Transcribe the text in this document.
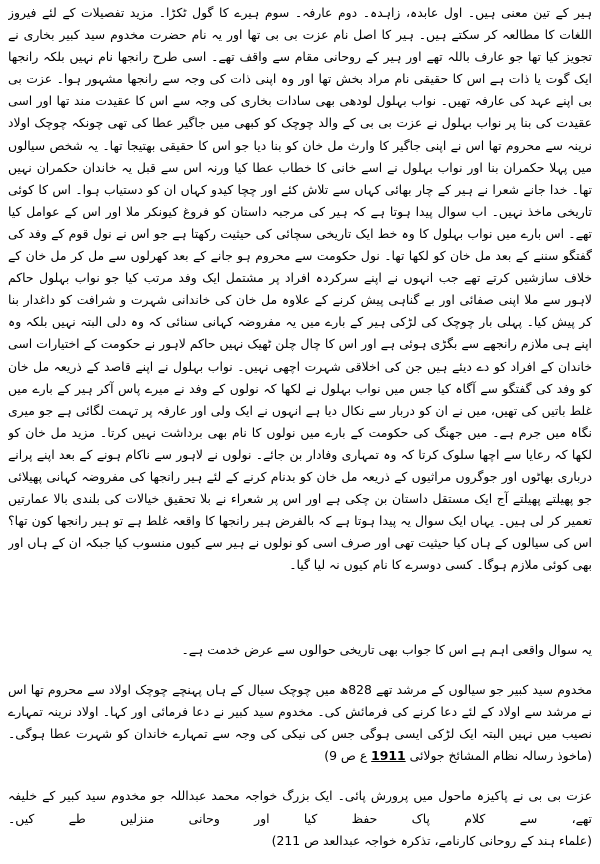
ہیر کے تین معنی ہیں۔ اول عابدہ، زاہدہ۔ دوم عارفہ۔ سوم ہیرے کا گول ٹکڑا۔ مزید تفصیلات کے لئے فیروز اللغات کا مطالعہ کر سکتے ہیں۔ ہیر کا اصل نام عزت بی بی تھا اور یہ نام حضرت مخدوم سید کبیر بخاری نے تجویز کیا تھا جو عارف باللہ تھے اور ہیر کے روحانی مقام سے واقف تھے۔ اسی طرح رانجھا نام نہیں بلکہ رانجھا ایک گوت یا ذات ہے اس کا حقیقی نام مراد بخش تھا اور وہ اپنی ذات کی وجہ سے رانجھا مشہور ہوا۔ عزت بی بی اپنے عہد کی عارفہ تھیں۔ نواب بہلول لودھی بھی سادات بخاری کی وجہ سے اس کا عقیدت مند تھا اور اسی عقیدت کی بنا پر نواب بہلول نے عزت بی بی کے والد چوچک کو کبھی میں جاگیر عطا کی تھی چونکہ چوچک اولاد نرینہ سے محروم تھا اس نے اپنی جاگیر کا وارث مل خان کو بنا دیا جو اس کا حقیقی بھتیجا تھا۔ یہ شخص سیالوں میں پہلا حکمران بنا اور نواب بہلول نے اسے خانی کا خطاب عطا کیا ورنہ اس سے قبل یہ خاندان حکمران نہیں تھا۔ خدا جانے شعرا نے ہیر کے چار بھائی کہاں سے تلاش کئے اور چچا کیدو کہاں ان کو دستیاب ہوا۔ اس کا کوئی تاریخی ماخذ نہیں۔ اب سوال پیدا ہوتا ہے کہ ہیر کی مرجبہ داستان کو فروغ کیونکر ملا اور اس کے عوامل کیا تھے۔ اس بارے میں نواب بہلول کا وہ خط ایک تاریخی سچائی کی حیثیت رکھتا ہے جو اس نے نول قوم کے وفد کی گفتگو سننے کے بعد مل خان کو لکھا تھا۔ نول حکومت سے محروم ہو جانے کے بعد کھرلوں سے مل کر مل خان کے خلاف سازشیں کرتے تھے جب انہوں نے اپنے سرکردہ افراد پر مشتمل ایک وفد مرتب کیا جو نواب بہلول حاکم لاہور سے ملا اپنی صفائی اور بے گناہی پیش کرنے کے علاوہ مل خان کی خاندانی شہرت و شرافت کو داغدار بنا کر پیش کیا۔ پہلی بار چوچک کی لڑکی ہیر کے بارے میں یہ مفروضہ کہانی سنائی کہ وہ دلی البتہ نہیں بلکہ وہ اپنے ہی ملازم رانجھے سے بگڑی ہوئی ہے اور اس کا چال چلن ٹھیک نہیں حاکم لاہور نے حکومت کے اختیارات اسی خاندان کے افراد کو دے دیئے ہیں جن کی اخلاقی شہرت اچھی نہیں۔ نواب بہلول نے اپنے قاصد کے ذریعہ مل خان کو وفد کی گفتگو سے آگاہ کیا جس میں نواب بہلول نے لکھا کہ نولوں کے وفد نے میرے پاس آکر ہیر کے بارے میں غلط باتیں کی تھیں، میں نے ان کو دربار سے نکال دیا ہے انہوں نے ایک ولی اور عارفہ پر تہمت لگائی ہے جو میری نگاہ میں جرم ہے۔ میں جھنگ کی حکومت کے بارے میں نولوں کا نام بھی برداشت نہیں کرتا۔ مزید مل خان کو لکھا کہ رعایا سے اچھا سلوک کرتا کہ وہ تمہاری وفادار بن جائے۔ نولوں نے لاہور سے ناکام ہونے کے بعد اپنے پرانے درباری بھاٹوں اور جوگروں مراثیوں کے ذریعہ مل خان کو بدنام کرنے کے لئے ہیر رانجھا کی مفروضہ کہانی پھیلائی جو پھیلتے پھیلتے آج ایک مستقل داستان بن چکی ہے اور اس پر شعراء نے بلا تحقیق خیالات کی بلندی بالا عمارتیں تعمیر کر لی ہیں۔ یہاں ایک سوال یہ پیدا ہوتا ہے کہ بالفرض ہیر رانجھا کا واقعہ غلط ہے تو ہیر رانجھا کون تھا؟ اس کی سیالوں کے ہاں کیا حیثیت تھی اور صرف اسی کو نولوں نے ہیر سے کیوں منسوب کیا جبکہ ان کے ہاں اور بھی کوئی ملازم ہوگا۔ کسی دوسرے کا نام کیوں نہ لیا گیا۔

یہ سوال واقعی اہم ہے اس کا جواب بھی تاریخی حوالوں سے عرض خدمت ہے۔

مخدوم سید کبیر جو سیالوں کے مرشد تھے 828ھ میں چوچک سیال کے ہاں پہنچے چوچک اولاد سے محروم تھا اس نے مرشد سے اولاد کے لئے دعا کرنے کی فرمائش کی۔ مخدوم سید کبیر نے دعا فرمائی اور کہا۔ اولاد نرینہ تمہارے نصیب میں نہیں البتہ ایک لڑکی ایسی ہوگی جس کی نیکی کی وجہ سے تمہارے خاندان کو شہرت عطا ہوگی۔ (ماخوذ رسالہ نظام المشائخ جولائی 1911 ع ص 9)

عزت بی بی نے پاکیزہ ماحول میں پرورش پائی۔ ایک بزرگ خواجہ محمد عبداللہ جو مخدوم سید کبیر کے خلیفہ تھے، سے کلام پاک حفظ کیا اور وحانی منزلیں طے کیں۔ (علماء ہند کے روحانی کارنامے، تذکرہ خواجہ عبدالعد ص 211)
